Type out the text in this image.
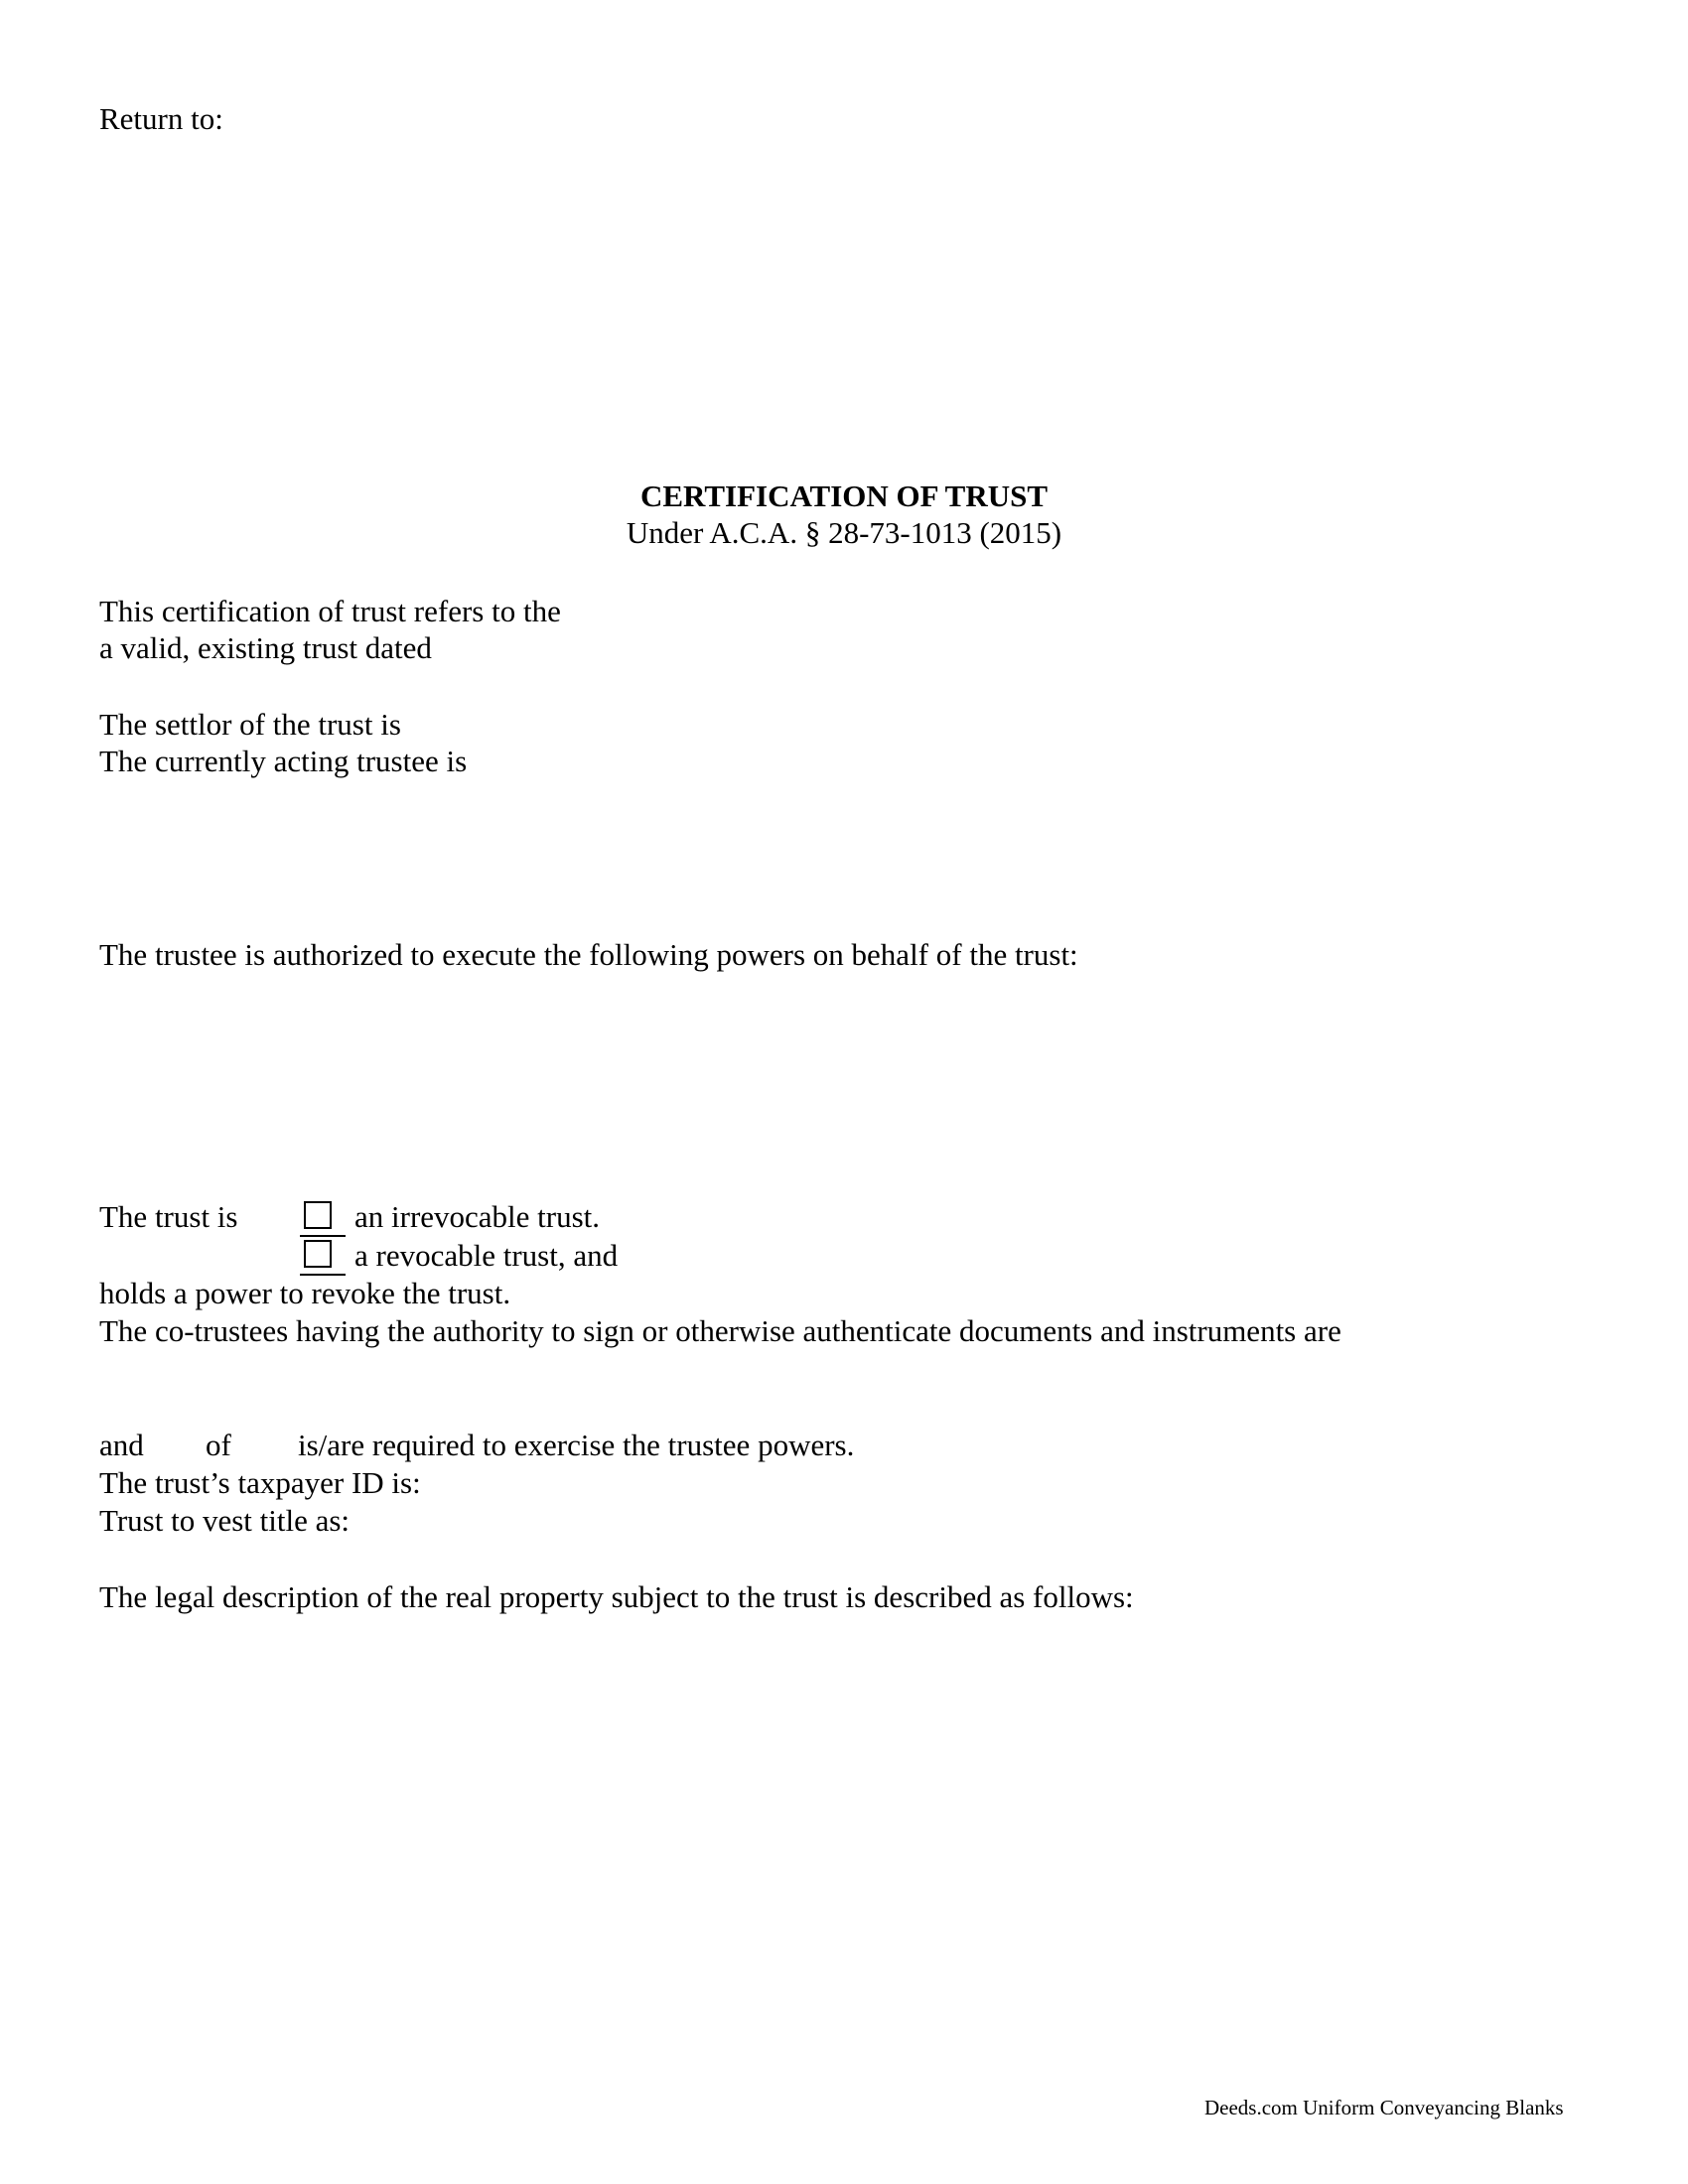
Return to:
CERTIFICATION OF TRUST
Under A.C.A. § 28-73-1013 (2015)
This certification of trust refers to the
a valid, existing trust dated
The settlor of the trust is
The currently acting trustee is
The trustee is authorized to execute the following powers on behalf of the trust:
The trust is	an irrevocable trust.
a revocable trust, and
holds a power to revoke the trust.
The co-trustees having the authority to sign or otherwise authenticate documents and instruments are
and of is/are required to exercise the trustee powers.
The trust’s taxpayer ID is:
Trust to vest title as:
The legal description of the real property subject to the trust is described as follows:
Deeds.com Uniform Conveyancing Blanks
